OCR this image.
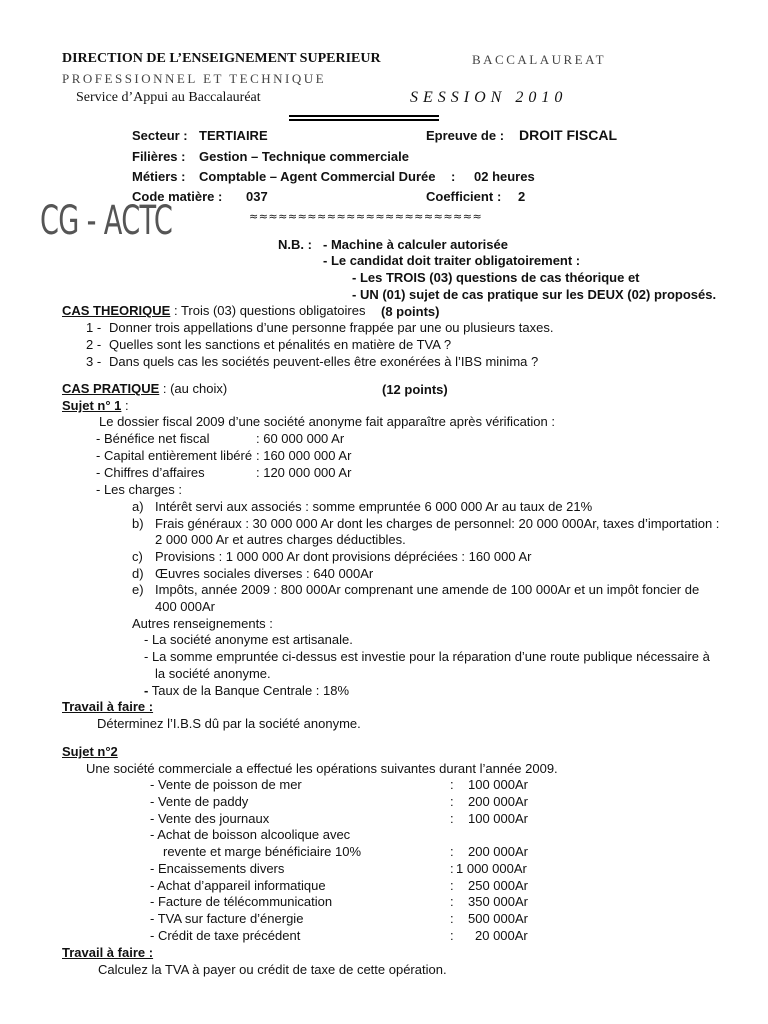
DIRECTION DE L’ENSEIGNEMENT SUPERIEUR	BACCALAUREAT
PROFESSIONNEL ET TECHNIQUE
Service d’Appui au Baccalauréat	SESSION 2010
Secteur : TERTIAIRE	Epreuve de : DROIT FISCAL
Filières : Gestion – Technique commerciale
Métiers : Comptable – Agent Commercial Durée : 02 heures
Code matière : 037	Coefficient : 2
≈≈≈≈≈≈≈≈≈≈≈≈≈≈≈≈≈≈≈≈≈≈≈≈
CG - ACTC
N.B. : - Machine à calculer autorisée
- Le candidat doit traiter obligatoirement :
- Les TROIS (03) questions de cas théorique et
- UN (01) sujet de cas pratique sur les DEUX (02) proposés.
CAS THEORIQUE : Trois (03) questions obligatoires (8 points)
1 - Donner trois appellations d’une personne frappée par une ou plusieurs taxes.
2 - Quelles sont les sanctions et pénalités en matière de TVA ?
3 - Dans quels cas les sociétés peuvent-elles être exonérées à l’IBS minima ?
CAS PRATIQUE : (au choix)	(12 points)
Sujet n° 1 :
Le dossier fiscal 2009 d’une société anonyme fait apparaître après vérification :
- Bénéfice net fiscal	: 60 000 000 Ar
- Capital entièrement libéré : 160 000 000 Ar
- Chiffres d’affaires	: 120 000 000 Ar
- Les charges :
a) Intérêt servi aux associés : somme empruntée 6 000 000 Ar au taux de 21%
b) Frais généraux : 30 000 000 Ar dont les charges de personnel: 20 000 000Ar, taxes d’importation :
2 000 000 Ar et autres charges déductibles.
c) Provisions : 1 000 000 Ar dont provisions dépréciées : 160 000 Ar
d) Œuvres sociales diverses : 640 000Ar
e) Impôts, année 2009 : 800 000Ar comprenant une amende de 100 000Ar et un impôt foncier de
400 000Ar
Autres renseignements :
- La société anonyme est artisanale.
- La somme empruntée ci-dessus est investie pour la réparation d’une route publique nécessaire à
la société anonyme.
- Taux de la Banque Centrale : 18%
Travail à faire :
Déterminez l’I.B.S dû par la société anonyme.
Sujet n°2
Une société commerciale a effectué les opérations suivantes durant l’année 2009.
- Vente de poisson de mer	: 100 000Ar
- Vente de paddy	: 200 000Ar
- Vente des journaux	: 100 000Ar
- Achat de boisson alcoolique avec
revente et marge bénéficiaire 10%	: 200 000Ar
- Encaissements divers	: 1 000 000Ar
- Achat d’appareil informatique	: 250 000Ar
- Facture de télécommunication	: 350 000Ar
- TVA sur facture d’énergie	: 500 000Ar
- Crédit de taxe précédent	: 20 000Ar
Travail à faire :
Calculez la TVA à payer ou crédit de taxe de cette opération.
